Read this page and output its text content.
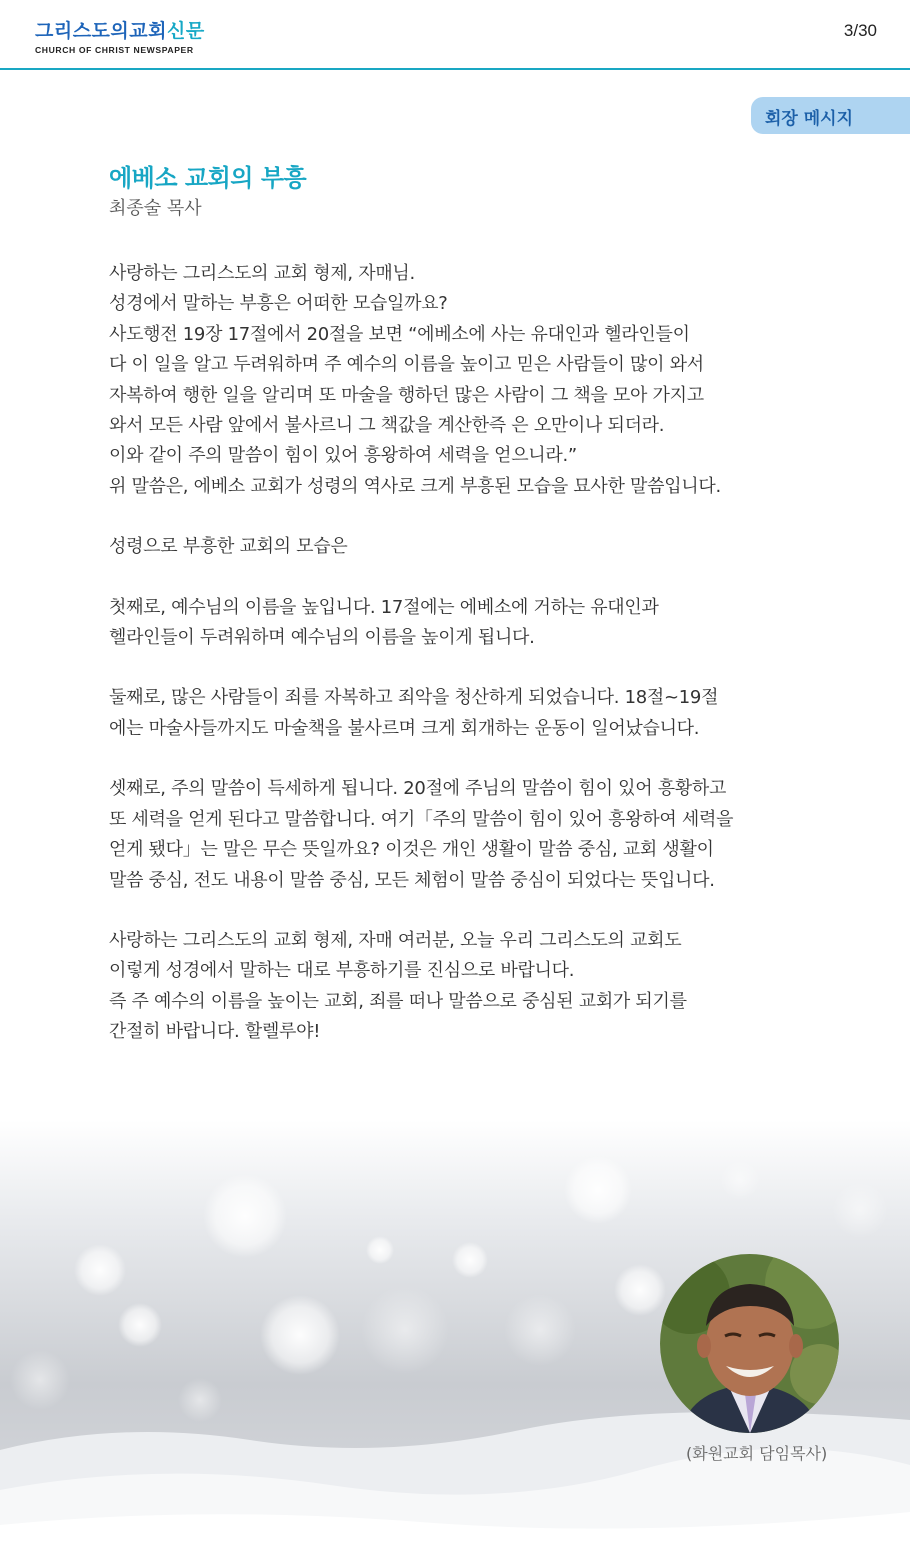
그리스도의교회신문
CHURCH OF CHRIST NEWSPAPER
3/30
회장 메시지
에베소 교회의 부흥
최종술 목사
사랑하는 그리스도의 교회 형제, 자매님.
성경에서 말하는 부흥은 어떠한 모습일까요?
사도행전 19장 17절에서 20절을 보면 “에베소에 사는 유대인과 헬라인들이
다 이 일을 알고 두려워하며 주 예수의 이름을 높이고 믿은 사람들이 많이 와서
자복하여 행한 일을 알리며 또 마술을 행하던 많은 사람이 그 책을 모아 가지고
와서 모든 사람 앞에서 불사르니 그 책값을 계산한즉 은 오만이나 되더라.
이와 같이 주의 말씀이 힘이 있어 흥왕하여 세력을 얻으니라.”
위 말씀은, 에베소 교회가 성령의 역사로 크게 부흥된 모습을 묘사한 말씀입니다.
성령으로 부흥한 교회의 모습은
첫째로, 예수님의 이름을 높입니다. 17절에는 에베소에 거하는 유대인과
헬라인들이 두려워하며 예수님의 이름을 높이게 됩니다.
둘째로, 많은 사람들이 죄를 자복하고 죄악을 청산하게 되었습니다. 18절~19절
에는 마술사들까지도 마술책을 불사르며 크게 회개하는 운동이 일어났습니다.
셋째로, 주의 말씀이 득세하게 됩니다. 20절에 주님의 말씀이 힘이 있어 흥황하고
또 세력을 얻게 된다고 말씀합니다. 여기「주의 말씀이 힘이 있어 흥왕하여 세력을
얻게 됐다」는 말은 무슨 뜻일까요? 이것은 개인 생활이 말씀 중심, 교회 생활이
말씀 중심, 전도 내용이 말씀 중심, 모든 체험이 말씀 중심이 되었다는 뜻입니다.
사랑하는 그리스도의 교회 형제, 자매 여러분, 오늘 우리 그리스도의 교회도
이렇게 성경에서 말하는 대로 부흥하기를 진심으로 바랍니다.
즉 주 예수의 이름을 높이는 교회, 죄를 떠나 말씀으로 중심된 교회가 되기를
간절히 바랍니다. 할렐루야!
(화원교회 담임목사)
